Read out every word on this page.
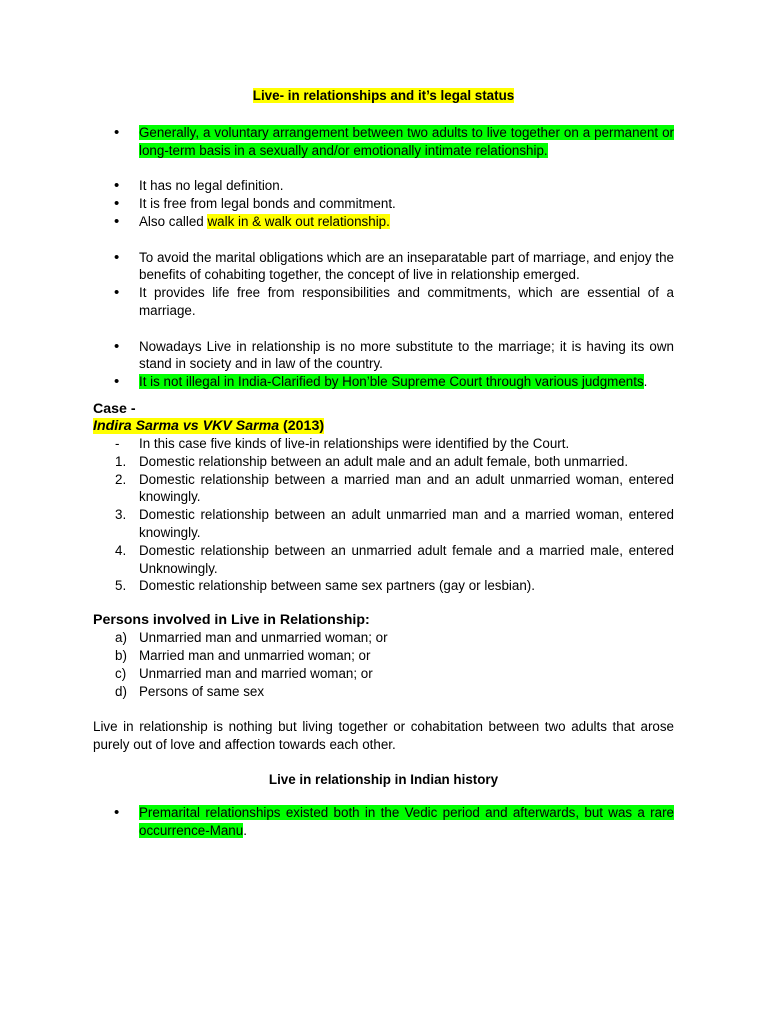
Live- in relationships and it’s legal status

• Generally, a voluntary arrangement between two adults to live together on a permanent or long-term basis in a sexually and/or emotionally intimate relationship.
• It has no legal definition.
• It is free from legal bonds and commitment.
• Also called walk in & walk out relationship.
• To avoid the marital obligations which are an inseparatable part of marriage, and enjoy the benefits of cohabiting together, the concept of live in relationship emerged.
• It provides life free from responsibilities and commitments, which are essential of a marriage.
• Nowadays Live in relationship is no more substitute to the marriage; it is having its own stand in society and in law of the country.
• It is not illegal in India-Clarified by Hon’ble Supreme Court through various judgments.

Case -

Indira Sarma vs VKV Sarma (2013)

- In this case five kinds of live-in relationships were identified by the Court.
1. Domestic relationship between an adult male and an adult female, both unmarried.
2. Domestic relationship between a married man and an adult unmarried woman, entered knowingly.
3. Domestic relationship between an adult unmarried man and a married woman, entered knowingly.
4. Domestic relationship between an unmarried adult female and a married male, entered Unknowingly.
5. Domestic relationship between same sex partners (gay or lesbian).

Persons involved in Live in Relationship:

a) Unmarried man and unmarried woman; or
b) Married man and unmarried woman; or
c) Unmarried man and married woman; or
d) Persons of same sex

Live in relationship is nothing but living together or cohabitation between two adults that arose purely out of love and affection towards each other.

Live in relationship in Indian history

• Premarital relationships existed both in the Vedic period and afterwards, but was a rare occurrence-Manu.
